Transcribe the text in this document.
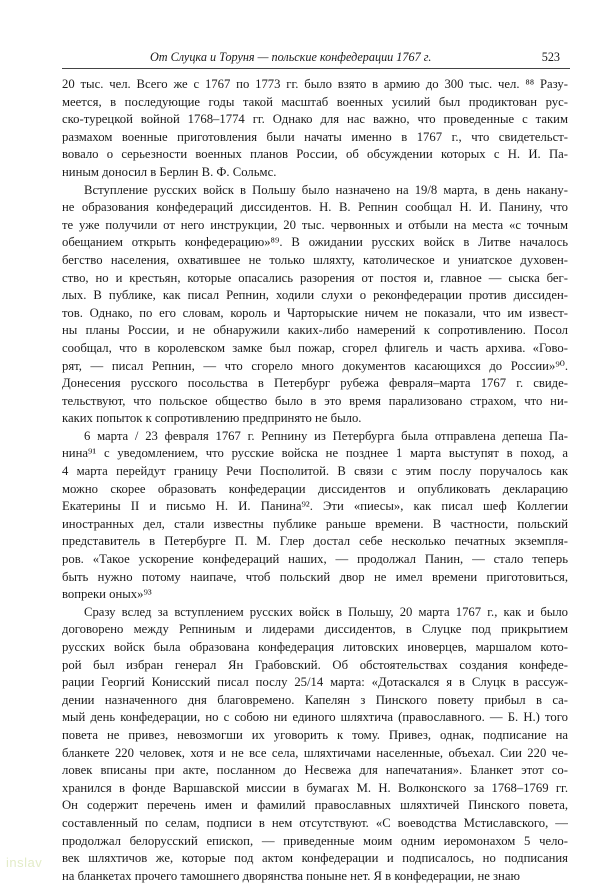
От Слуцка и Торуня — польские конфедерации 1767 г.	523
20 тыс. чел. Всего же с 1767 по 1773 гг. было взято в армию до 300 тыс. чел. ⁸⁸ Разу-
меется, в последующие годы такой масштаб военных усилий был продиктован рус-
ско-турецкой войной 1768–1774 гг. Однако для нас важно, что проведенные с таким
размахом военные приготовления были начаты именно в 1767 г., что свидетельст-
вовало о серьезности военных планов России, об обсуждении которых с Н. И. Па-
ниным доносил в Берлин В. Ф. Сольмс.
Вступление русских войск в Польшу было назначено на 19/8 марта, в день накану-
не образования конфедераций диссидентов. Н. В. Репнин сообщал Н. И. Панину, что
те уже получили от него инструкции, 20 тыс. червонных и отбыли на места «с точным
обещанием открыть конфедерацию»⁸⁹. В ожидании русских войск в Литве началось
бегство населения, охватившее не только шляхту, католическое и униатское духовен-
ство, но и крестьян, которые опасались разорения от постоя и, главное — сыска бег-
лых. В публике, как писал Репнин, ходили слухи о реконфедерации против диссиден-
тов. Однако, по его словам, король и Чарторыские ничем не показали, что им извест-
ны планы России, и не обнаружили каких-либо намерений к сопротивлению. Посол
сообщал, что в королевском замке был пожар, сгорел флигель и часть архива. «Гово-
рят, — писал Репнин, — что сгорело много документов касающихся до России»⁹⁰.
Донесения русского посольства в Петербург рубежа февраля–марта 1767 г. свиде-
тельствуют, что польское общество было в это время парализовано страхом, что ни-
каких попыток к сопротивлению предпринято не было.
6 марта / 23 февраля 1767 г. Репнину из Петербурга была отправлена депеша Па-
нина⁹¹ с уведомлением, что русские войска не позднее 1 марта выступят в поход, а
4 марта перейдут границу Речи Посполитой. В связи с этим послу поручалось как
можно скорее образовать конфедерации диссидентов и опубликовать декларацию
Екатерины II и письмо Н. И. Панина⁹². Эти «пиесы», как писал шеф Коллегии
иностранных дел, стали известны публике раньше времени. В частности, польский
представитель в Петербурге П. М. Глер достал себе несколько печатных экземпля-
ров. «Такое ускорение конфедераций наших, — продолжал Панин, — стало теперь
быть нужно потому наипаче, чтоб польский двор не имел времени приготовиться,
вопреки оных»⁹³
Сразу вслед за вступлением русских войск в Польшу, 20 марта 1767 г., как и было
договорено между Репниным и лидерами диссидентов, в Слуцке под прикрытием
русских войск была образована конфедерация литовских иноверцев, маршалом кото-
рой был избран генерал Ян Грабовский. Об обстоятельствах создания конфеде-
рации Георгий Конисский писал послу 25/14 марта: «Дотаскался я в Слуцк в рассуж-
дении назначенного дня благовремено. Капелян з Пинского повету прибыл в са-
мый день конфедерации, но с собою ни единого шляхтича (православного. — Б. Н.) того
повета не привез, невозмогши их уговорить к тому. Привез, однак, подписание на
бланкете 220 человек, хотя и не все села, шляхтичами населенные, объехал. Сии 220 че-
ловек вписаны при акте, посланном до Несвежа для напечатания». Бланкет этот со-
хранился в фонде Варшавской миссии в бумагах М. Н. Волконского за 1768–1769 гг.
Он содержит перечень имен и фамилий православных шляхтичей Пинского повета,
составленный по селам, подписи в нем отсутствуют. «С воеводства Мстиславского, —
продолжал белорусский епископ, — приведенные моим одним иеромонахом 5 чело-
век шляхтичов же, которые под актом конфедерации и подписалось, но подписания
на бланкетах прочего тамошнего дворянства поныне нет. Я в конфедерации, не знаю
inslav
